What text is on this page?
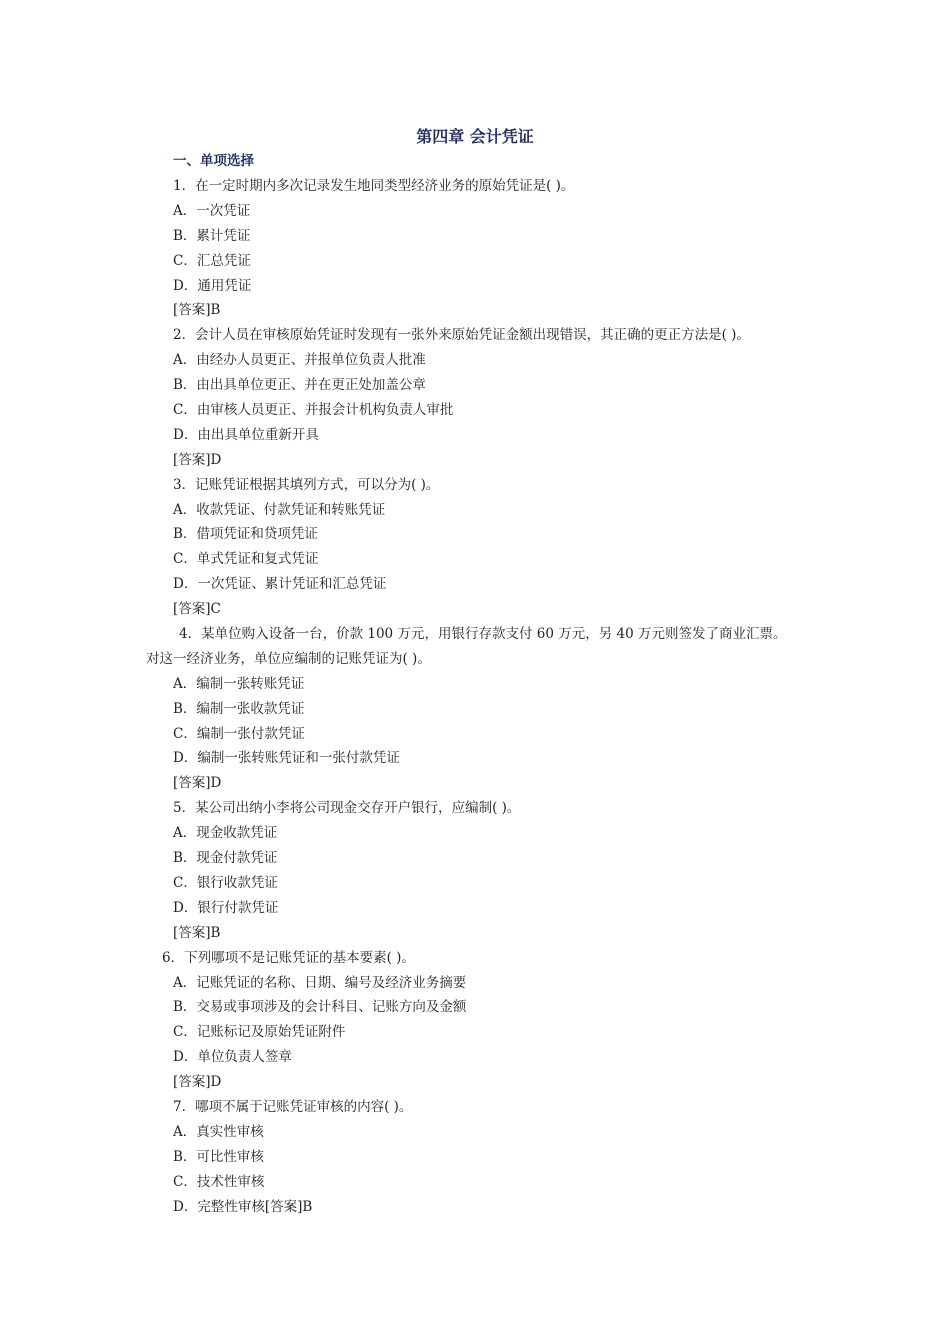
第四章 会计凭证
一、单项选择
1．在一定时期内多次记录发生地同类型经济业务的原始凭证是( )。
A．一次凭证
B．累计凭证
C．汇总凭证
D．通用凭证
[答案]B
2．会计人员在审核原始凭证时发现有一张外来原始凭证金额出现错误，其正确的更正方法是( )。
A．由经办人员更正、并报单位负责人批准
B．由出具单位更正、并在更正处加盖公章
C．由审核人员更正、并报会计机构负责人审批
D．由出具单位重新开具
[答案]D
3．记账凭证根据其填列方式，可以分为( )。
A．收款凭证、付款凭证和转账凭证
B．借项凭证和贷项凭证
C．单式凭证和复式凭证
D．一次凭证、累计凭证和汇总凭证
[答案]C
4．某单位购入设备一台，价款 100 万元，用银行存款支付 60 万元，另 40 万元则签发了商业汇票。
对这一经济业务，单位应编制的记账凭证为( )。
A．编制一张转账凭证
B．编制一张收款凭证
C．编制一张付款凭证
D．编制一张转账凭证和一张付款凭证
[答案]D
5．某公司出纳小李将公司现金交存开户银行，应编制( )。
A．现金收款凭证
B．现金付款凭证
C．银行收款凭证
D．银行付款凭证
[答案]B
6．下列哪项不是记账凭证的基本要素( )。
A．记账凭证的名称、日期、编号及经济业务摘要
B．交易或事项涉及的会计科目、记账方向及金额
C．记账标记及原始凭证附件
D．单位负责人签章
[答案]D
7．哪项不属于记账凭证审核的内容( )。
A．真实性审核
B．可比性审核
C．技术性审核
D．完整性审核[答案]B
